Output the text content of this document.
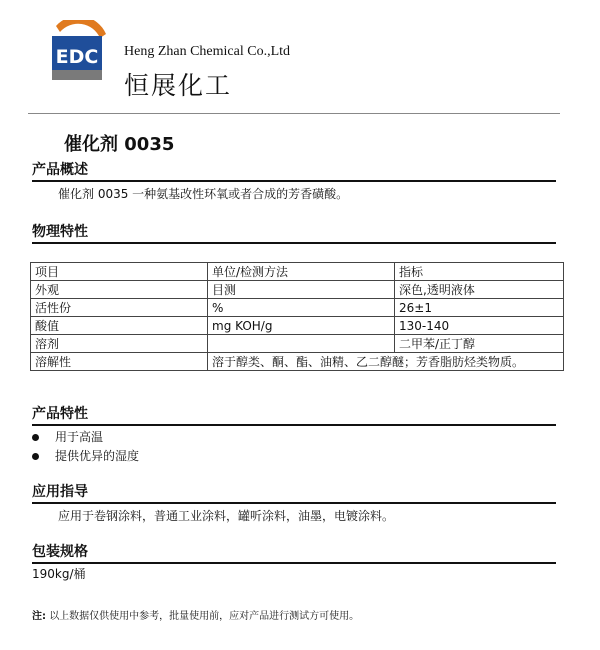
EDC Heng Zhan Chemical Co.,Ltd
恒展化工
催化剂 0035
产品概述
催化剂 0035 一种氨基改性环氧或者合成的芳香磺酸。
物理特性
项目	单位/检测方法	指标
外观	目测	深色,透明液体
活性份	%	26±1
酸值	mg KOH/g	130-140
溶剂		二甲苯/正丁醇
溶解性	溶于醇类、酮、酯、油精、乙二醇醚；芳香脂肪烃类物质。	
产品特性
用于高温
提供优异的湿度
应用指导
应用于卷钢涂料，普通工业涂料，罐听涂料，油墨，电镀涂料。
包装规格
190kg/桶
注: 以上数据仅供使用中参考，批量使用前，应对产品进行测试方可使用。
